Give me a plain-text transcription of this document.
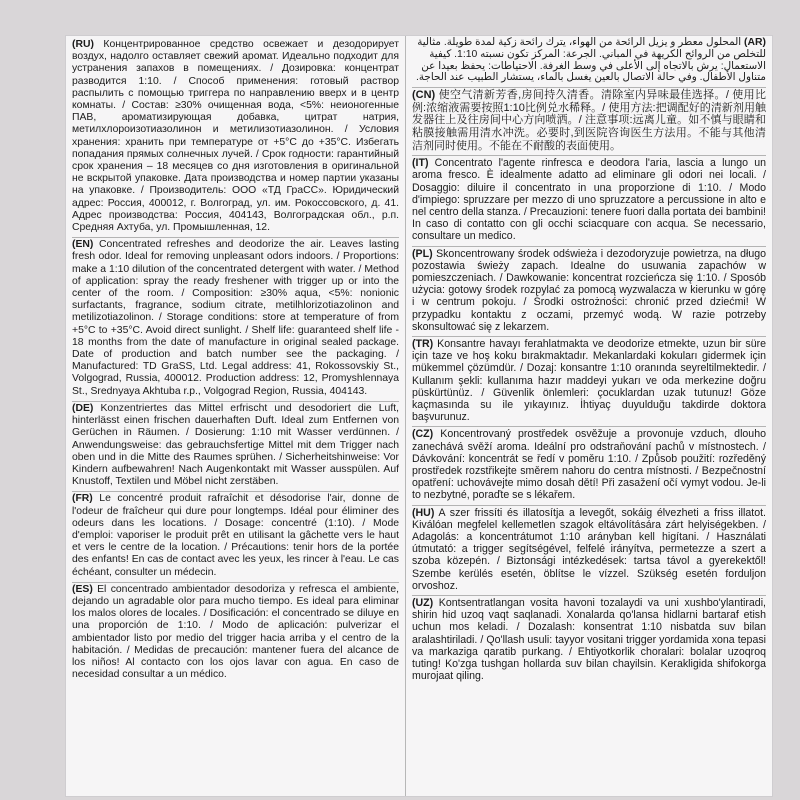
(RU) Концентрированное средство освежает и дезодорирует воздух, надолго оставляет свежий аромат. Идеально подходит для устранения запахов в помещениях. / Дозировка: концентрат разводится 1:10. / Способ применения: готовый раствор распылить с помощью триггера по направлению вверх и в центр комнаты. / Состав: ≥30% очищенная вода, <5%: неионогенные ПАВ, ароматизирующая добавка, цитрат натрия, метилхлороизотиазолинон и метилизотиазолинон. / Условия хранения: хранить при температуре от +5°С до +35°С. Избегать попадания прямых солнечных лучей. / Срок годности: гарантийный срок хранения – 18 месяцев со дня изготовления в оригинальной не вскрытой упаковке. Дата производства и номер партии указаны на упаковке. / Производитель: ООО «ТД ГраСС». Юридический адрес: Россия, 400012, г. Волгоград, ул. им. Рокоссовского, д. 41. Адрес производства: Россия, 404143, Волгоградская обл., р.п. Средняя Ахтуба, ул. Промышленная, 12.
(EN) Concentrated refreshes and deodorize the air. Leaves lasting fresh odor. Ideal for removing unpleasant odors indoors. / Proportions: make a 1:10 dilution of the concentrated detergent with water. / Method of application: spray the ready freshener with trigger up or into the center of the room. / Composition: ≥30% aqua, <5%: nonionic surfactants, fragrance, sodium citrate, metilhlorizotiazolinon and metilizotiazolinon. / Storage conditions: store at temperature of from +5°C to +35°C. Avoid direct sunlight. / Shelf life: guaranteed shelf life - 18 months from the date of manufacture in original sealed package. Date of production and batch number see the packaging. / Manufactured: TD GraSS, Ltd. Legal address: 41, Rokossovskiy St., Volgograd, Russia, 400012. Production address: 12, Promyshlennaya St., Srednyaya Akhtuba r.p., Volgograd Region, Russia, 404143.
(DE) Konzentriertes das Mittel erfrischt und desodoriert die Luft, hinterlässt einen frischen dauerhaften Duft. Ideal zum Entfernen von Gerüchen in Räumen. / Dosierung: 1:10 mit Wasser verdünnen. / Anwendungsweise: das gebrauchsfertige Mittel mit dem Trigger nach oben und in die Mitte des Raumes sprühen. / Sicherheitshinweise: Vor Kindern aufbewahren! Nach Augenkontakt mit Wasser ausspülen. Auf Knustoff, Textilen und Möbel nicht zerstäben.
(FR) Le concentré produit rafraîchit et désodorise l'air, donne de l'odeur de fraîcheur qui dure pour longtemps. Idéal pour éliminer des odeurs dans les locations. / Dosage: concentré (1:10). / Mode d'emploi: vaporiser le produit prêt en utilisant la gâchette vers le haut et vers le centre de la location. / Précautions: tenir hors de la portée des enfants! En cas de contact avec les yeux, les rincer à l'eau. Le cas échéant, consulter un médecin.
(ES) El concentrado ambientador desodoriza y refresca el ambiente, dejando un agradable olor para mucho tiempo. Es ideal para eliminar los malos olores de locales. / Dosificación: el concentrado se diluye en una proporción de 1:10. / Modo de aplicación: pulverizar el ambientador listo por medio del trigger hacia arriba y el centro de la habitación. / Medidas de precaución: mantener fuera del alcance de los niños! Al contacto con los ojos lavar con agua. En caso de necesidad consultar a un médico.
(AR) المحلول معطر و يزيل الرائحة من الهواء، يترك رائحة زكية لمدة طويلة. مثالية للتخلص من الروائح الكريهة في المباني. الجرعة: المركز تكون نسبته 1:10. كيفية الاستعمال: يرش بالاتجاه إلى الأعلى في وسط الغرفة. الاحتياطات: يحفظ بعيدا عن متناول الأطفال. وفي حالة الاتصال بالعين يغسل بالماء، يستشار الطبيب عند الحاجة.
(CN) 使空气清新芳香,房间持久清香。清除室内异味最佳选择。/ 使用比例:浓缩液需要按照1:10比例兑水稀释。/ 使用方法:把调配好的清新剂用触发器往上及往房间中心方向喷洒。/ 注意事项:远离儿童。如不慎与眼睛和粘膜接触需用清水冲洗。必要时,到医院咨询医生方法用。不能与其他清洁剂同时使用。不能在不耐酸的表面使用。
(IT) Concentrato l'agente rinfresca e deodora l'aria, lascia a lungo un aroma fresco. È idealmente adatto ad eliminare gli odori nei locali. / Dosaggio: diluire il concentrato in una proporzione di 1:10. / Modo d'impiego: spruzzare per mezzo di uno spruzzatore a percussione in alto e nel centro della stanza. / Precauzioni: tenere fuori dalla portata dei bambini! In caso di contatto con gli occhi sciacquare con acqua. Se necessario, consultare un medico.
(PL) Skoncentrowany środek odświeża i dezodoryzuje powietrza, na długo pozostawia świeży zapach. Idealne do usuwania zapachów w pomieszczeniach. / Dawkowanie: koncentrat rozcieńcza się 1:10. / Sposób użycia: gotowy środek rozpylać za pomocą wyzwalacza w kierunku w górę i w centrum pokoju. / Środki ostrożności: chronić przed dziećmi! W przypadku kontaktu z oczami, przemyć wodą. W razie potrzeby skonsultować się z lekarzem.
(TR) Konsantre havayı ferahlatmakta ve deodorize etmekte, uzun bir süre için taze ve hoş koku bırakmaktadır. Mekanlardaki kokuları gidermek için mükemmel çözümdür. / Dozaj: konsantre 1:10 oranında seyreltilmektedir. / Kullanım şekli: kullanıma hazır maddeyi yukarı ve oda merkezine doğru püskürtünüz. / Güvenlik önlemleri: çocuklardan uzak tutunuz! Göze kaçmasında su ile yıkayınız. İhtiyaç duyulduğu takdirde doktora başvurunuz.
(CZ) Koncentrovaný prostředek osvěžuje a provonuje vzduch, dlouho zanechává svěží aroma. Ideální pro odstraňování pachů v místnostech. / Dávkování: koncentrát se ředí v poměru 1:10. / Způsob použití: rozředěný prostředek rozstřikejte směrem nahoru do centra místnosti. / Bezpečnostní opatření: uchovávejte mimo dosah dětí! Při zasažení očí vymyt vodou. Je-li to nezbytné, poraďte se s lékařem.
(HU) A szer frissíti és illatosítja a levegőt, sokáig élvezheti a friss illatot. Kiválóan megfelel kellemetlen szagok eltávolítására zárt helyiségekben. / Adagolás: a koncentrátumot 1:10 arányban kell higítani. / Használati útmutató: a trigger segítségével, felfelé irányítva, permetezze a szert a szoba közepén. / Biztonsági intézkedések: tartsa távol a gyerekektől! Szembe kerülés esetén, öblítse le vízzel. Szükség esetén forduljon orvoshoz.
(UZ) Kontsentratlangan vosita havoni tozalaydi va uni xushbo'ylantiradi, shirin hid uzoq vaqt saqlanadi. Xonalarda qo'lansa hidlarni bartaraf etish uchun mos keladi. / Dozalash: konsentrat 1:10 nisbatda suv bilan aralashtiriladi. / Qo'llash usuli: tayyor vositani trigger yordamida xona tepasi va markaziga qaratib purkang. / Ehtiyotkorlik choralari: bolalar uzoqroq tuting! Ko'zga tushgan hollarda suv bilan chayilsin. Kerakligida shifokorga murojaat qiling.
